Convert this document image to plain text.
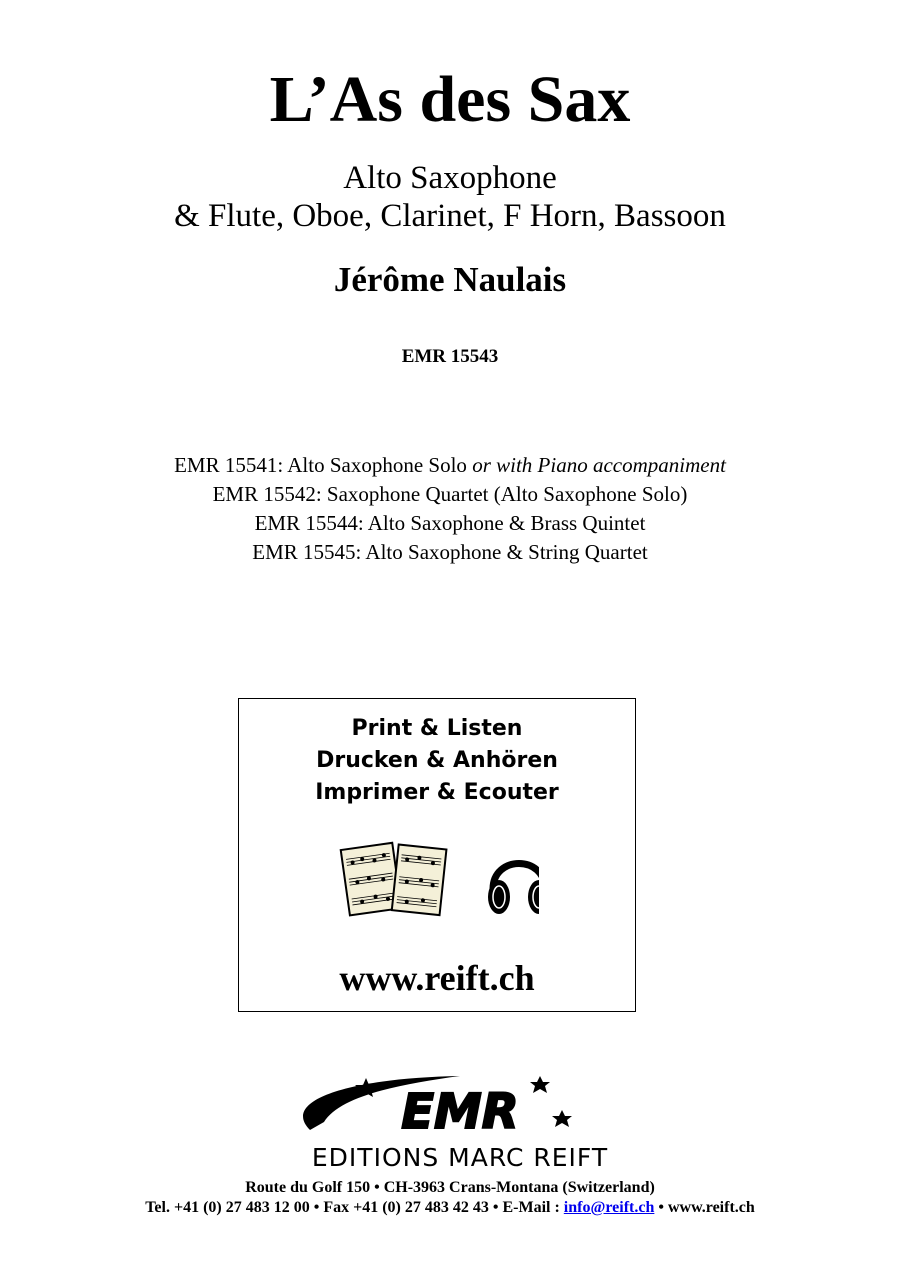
L’As des Sax
Alto Saxophone
& Flute, Oboe, Clarinet, F Horn, Bassoon
Jérôme Naulais
EMR 15543
EMR 15541: Alto Saxophone Solo or with Piano accompaniment
EMR 15542: Saxophone Quartet (Alto Saxophone Solo)
EMR 15544: Alto Saxophone & Brass Quintet
EMR 15545: Alto Saxophone & String Quartet
Print & Listen
Drucken & Anhören
Imprimer & Ecouter
www.reift.ch
EMR
EDITIONS MARC REIFT
Route du Golf 150 • CH-3963 Crans-Montana (Switzerland)
Tel. +41 (0) 27 483 12 00 • Fax +41 (0) 27 483 42 43 • E-Mail : info@reift.ch • www.reift.ch
